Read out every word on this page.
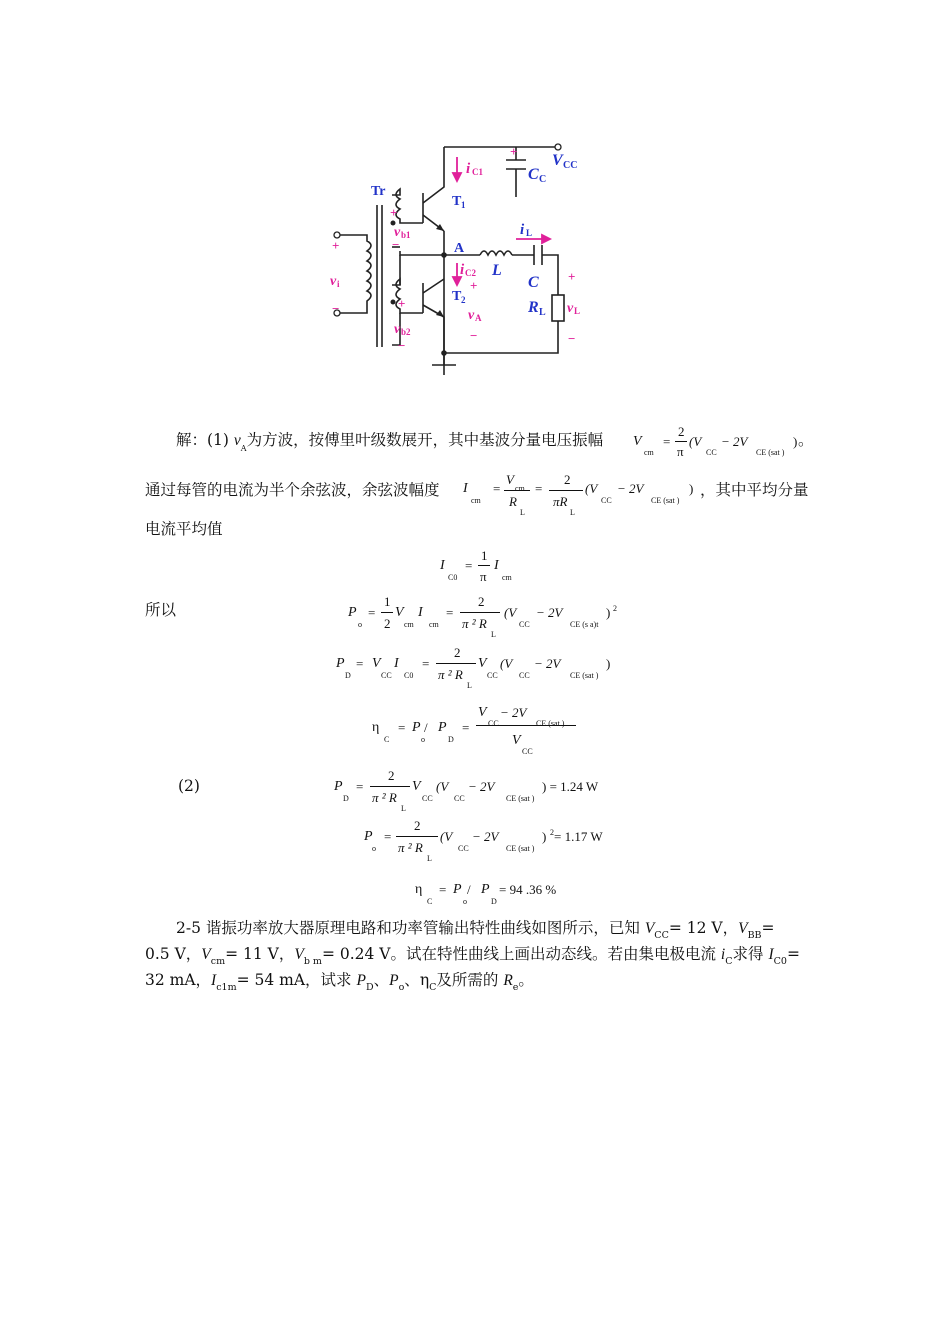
V CC
i C1
+
C C
Tr
T 1
+
v b1
−	A
i L
L
C
i C2
+
T 2
v A
−
+
R L v L
−
+
v i
−	+
v b2
−
解：(1) $v_A$为方波，按傅里叶级数展开，其中基波分量电压振幅 V
cm
=
2
π
(V
CC
− 2V
CE (sat )
) 。
通过每管的电流为半个余弦波，余弦波幅度 I
cm
=
V
cm
R
L
=
2
πR
L
(V
CC
− 2V
CE (sat )
) ，其中平均分量
电流平均值
I
C0
=
1
π
I
cm
所以	P
o
=
1
2
V
cm
I
cm
=
2
π ² R
L
(V
CC
− 2V
CE (s a)t
) 2
P
D
= V
CC
I
C0
=
2
π ² R
L
V
CC
(V
CC
− 2V
CE (sat )
)
η
C
= P
o
/ P
D
=
V
CC
− 2V
CE (sat )
V
CC
(2)	P
D
=
2
π ² R
L
V
CC
(V
CC
− 2V
CE (sat )
) = 1.24 W
P
o
=
2
π ² R
L
(V
CC
− 2V
CE (sat )
) 2 = 1.17 W
η
C
= P
o
/ P
D
= 94 .36 %
2-5 谐振功率放大器原理电路和功率管输出特性曲线如图所示，已知 $V_{CC}= 12$ V，$V_{BB}=$
0.5 V，$V_{cm}= 11$ V，$V_{b m}= 0.24$ V。试在特性曲线上画出动态线。若由集电极电流 $i_C$求得 $I_{C0}=$
32 mA，$I_{c1m}= 54$ mA，试求 $P_D$、$P_o$、$\eta_C$及所需的 $R_e$。
